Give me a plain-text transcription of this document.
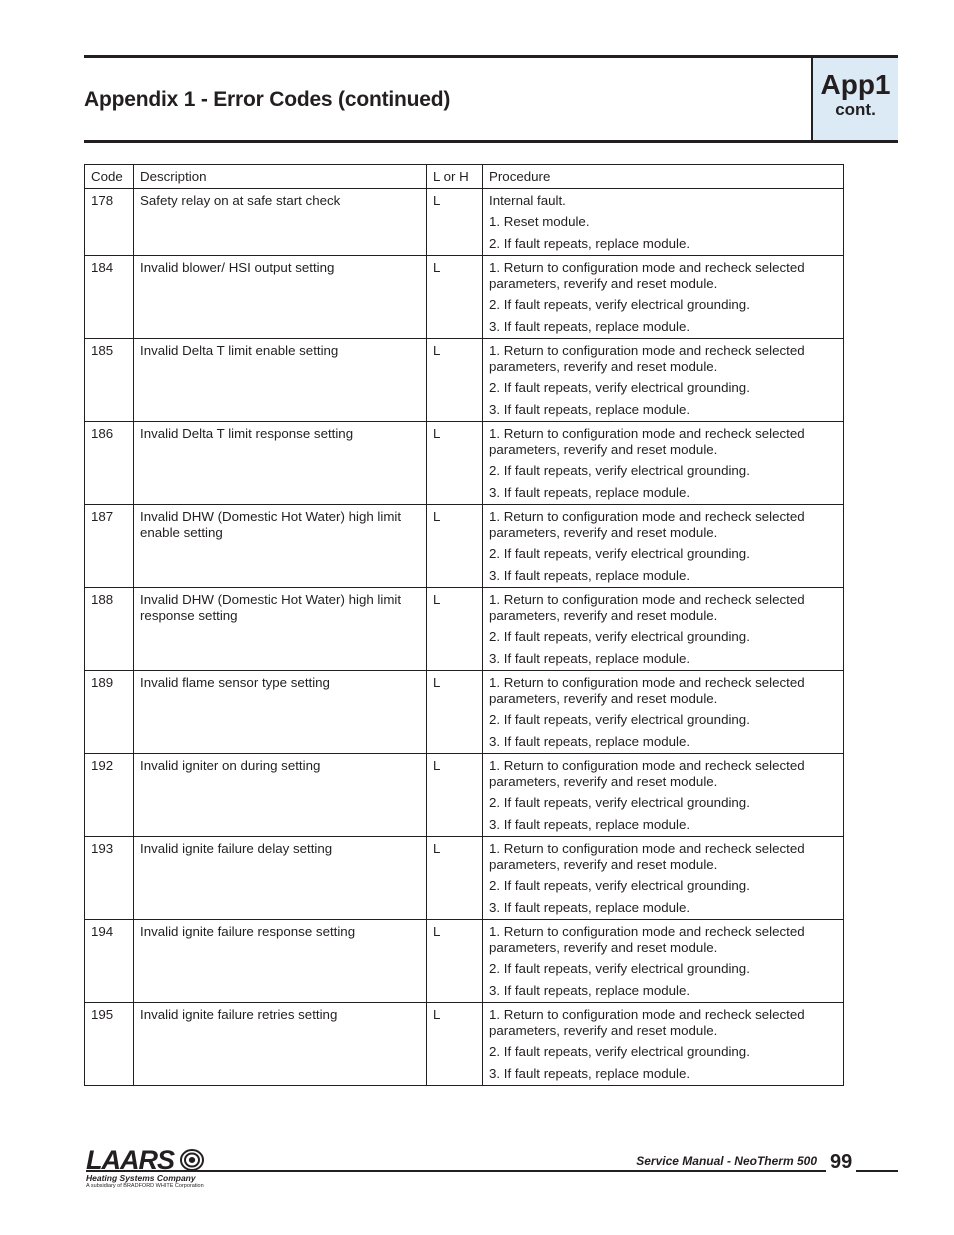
Appendix 1 - Error Codes (continued)	App1
cont.
Code	Description	L or H	Procedure
178	Safety relay on at safe start check	L	Internal fault.
1. Reset module.
2. If fault repeats, replace module.

184	Invalid blower/ HSI output setting	L	1. Return to configuration mode and recheck selected parameters, reverify and reset module.
2. If fault repeats, verify electrical grounding.
3. If fault repeats, replace module.

185	Invalid Delta T limit enable setting	L	1. Return to configuration mode and recheck selected parameters, reverify and reset module.
2. If fault repeats, verify electrical grounding.
3. If fault repeats, replace module.

186	Invalid Delta T limit response setting	L	1. Return to configuration mode and recheck selected parameters, reverify and reset module.
2. If fault repeats, verify electrical grounding.
3. If fault repeats, replace module.

187	Invalid DHW (Domestic Hot Water) high limit enable setting	L	1. Return to configuration mode and recheck selected parameters, reverify and reset module.
2. If fault repeats, verify electrical grounding.
3. If fault repeats, replace module.

188	Invalid DHW (Domestic Hot Water) high limit response setting	L	1. Return to configuration mode and recheck selected parameters, reverify and reset module.
2. If fault repeats, verify electrical grounding.
3. If fault repeats, replace module.

189	Invalid flame sensor type setting	L	1. Return to configuration mode and recheck selected parameters, reverify and reset module.
2. If fault repeats, verify electrical grounding.
3. If fault repeats, replace module.

192	Invalid igniter on during setting	L	1. Return to configuration mode and recheck selected parameters, reverify and reset module.
2. If fault repeats, verify electrical grounding.
3. If fault repeats, replace module.

193	Invalid ignite failure delay setting	L	1. Return to configuration mode and recheck selected parameters, reverify and reset module.
2. If fault repeats, verify electrical grounding.
3. If fault repeats, replace module.

194	Invalid ignite failure response setting	L	1. Return to configuration mode and recheck selected parameters, reverify and reset module.
2. If fault repeats, verify electrical grounding.
3. If fault repeats, replace module.

195	Invalid ignite failure retries setting	L	1. Return to configuration mode and recheck selected parameters, reverify and reset module.
2. If fault repeats, verify electrical grounding.
3. If fault repeats, replace module.
LAARS
Heating Systems Company
A subsidiary of BRADFORD WHITE Corporation
Service Manual - NeoTherm 500 99
